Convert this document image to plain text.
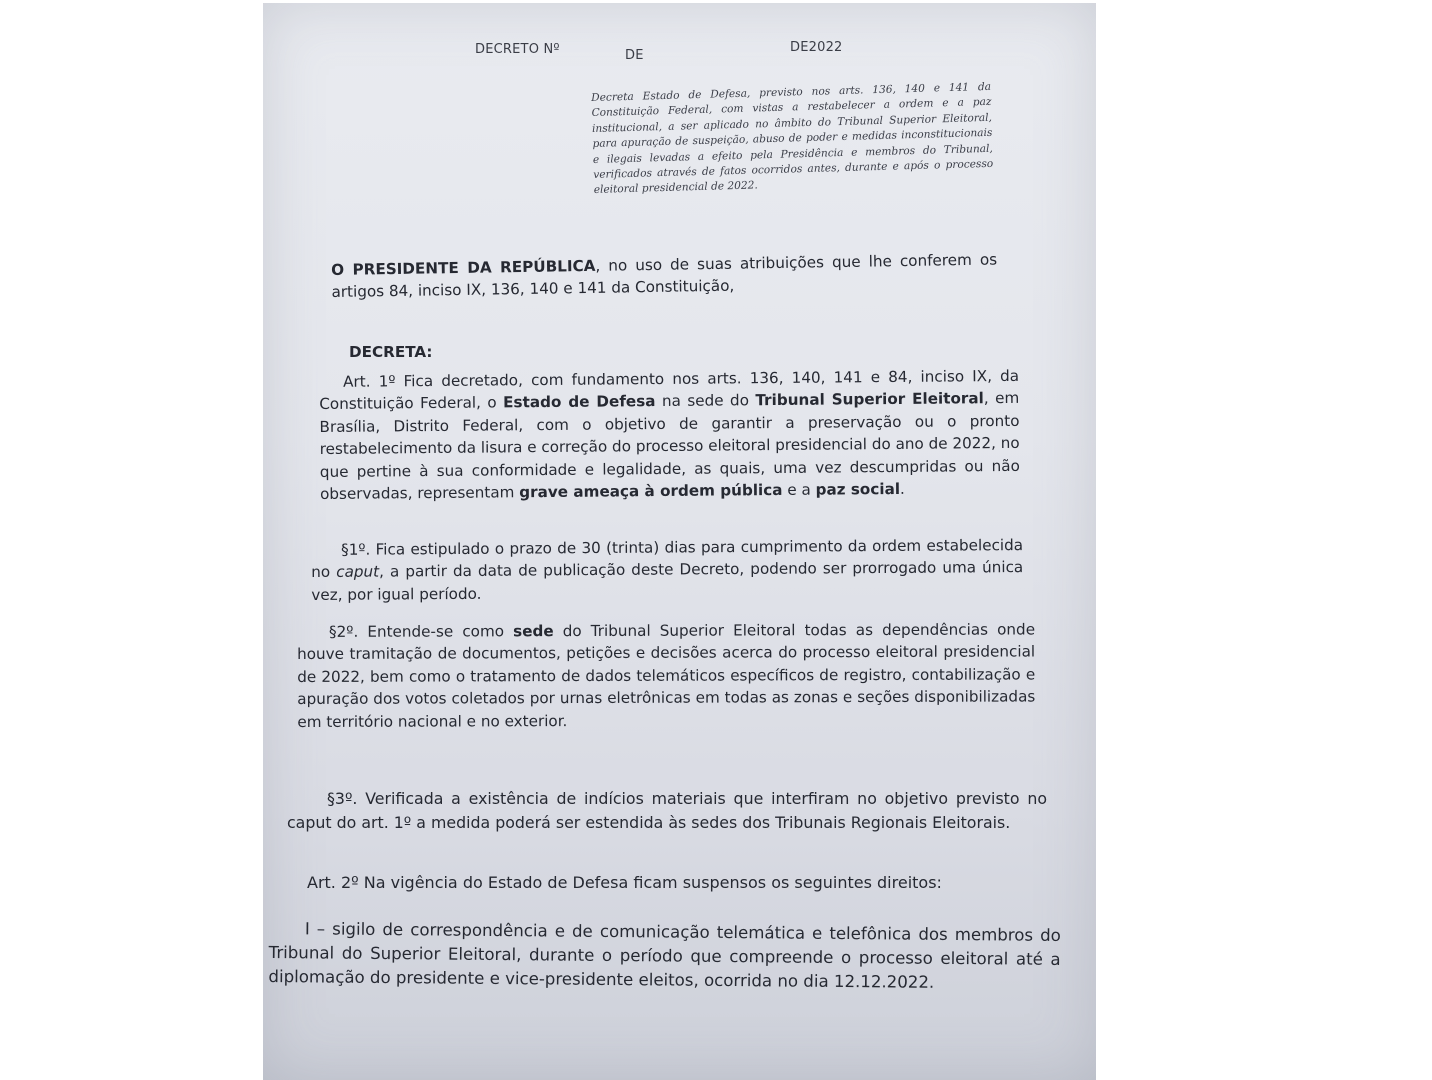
DECRETO Nº	DE
DE2022
Decreta Estado de Defesa, previsto nos arts. 136, 140 e 141 da Constituição Federal, com vistas a restabelecer a ordem e a paz institucional, a ser aplicado no âmbito do Tribunal Superior Eleitoral, para apuração de suspeição, abuso de poder e medidas inconstitucionais e ilegais levadas a efeito pela Presidência e membros do Tribunal, verificados através de fatos ocorridos antes, durante e após o processo eleitoral presidencial de 2022.
O PRESIDENTE DA REPÚBLICA, no uso de suas atribuições que lhe conferem os artigos 84, inciso IX, 136, 140 e 141 da Constituição,
DECRETA:
Art. 1º Fica decretado, com fundamento nos arts. 136, 140, 141 e 84, inciso IX, da Constituição Federal, o Estado de Defesa na sede do Tribunal Superior Eleitoral, em Brasília, Distrito Federal, com o objetivo de garantir a preservação ou o pronto restabelecimento da lisura e correção do processo eleitoral presidencial do ano de 2022, no que pertine à sua conformidade e legalidade, as quais, uma vez descumpridas ou não observadas, representam grave ameaça à ordem pública e a paz social.
§1º. Fica estipulado o prazo de 30 (trinta) dias para cumprimento da ordem estabelecida no caput, a partir da data de publicação deste Decreto, podendo ser prorrogado uma única vez, por igual período.
§2º. Entende-se como sede do Tribunal Superior Eleitoral todas as dependências onde houve tramitação de documentos, petições e decisões acerca do processo eleitoral presidencial de 2022, bem como o tratamento de dados telemáticos específicos de registro, contabilização e apuração dos votos coletados por urnas eletrônicas em todas as zonas e seções disponibilizadas em território nacional e no exterior.
§3º. Verificada a existência de indícios materiais que interfiram no objetivo previsto no caput do art. 1º a medida poderá ser estendida às sedes dos Tribunais Regionais Eleitorais.
Art. 2º Na vigência do Estado de Defesa ficam suspensos os seguintes direitos:
I – sigilo de correspondência e de comunicação telemática e telefônica dos membros do Tribunal do Superior Eleitoral, durante o período que compreende o processo eleitoral até a diplomação do presidente e vice-presidente eleitos, ocorrida no dia 12.12.2022.
